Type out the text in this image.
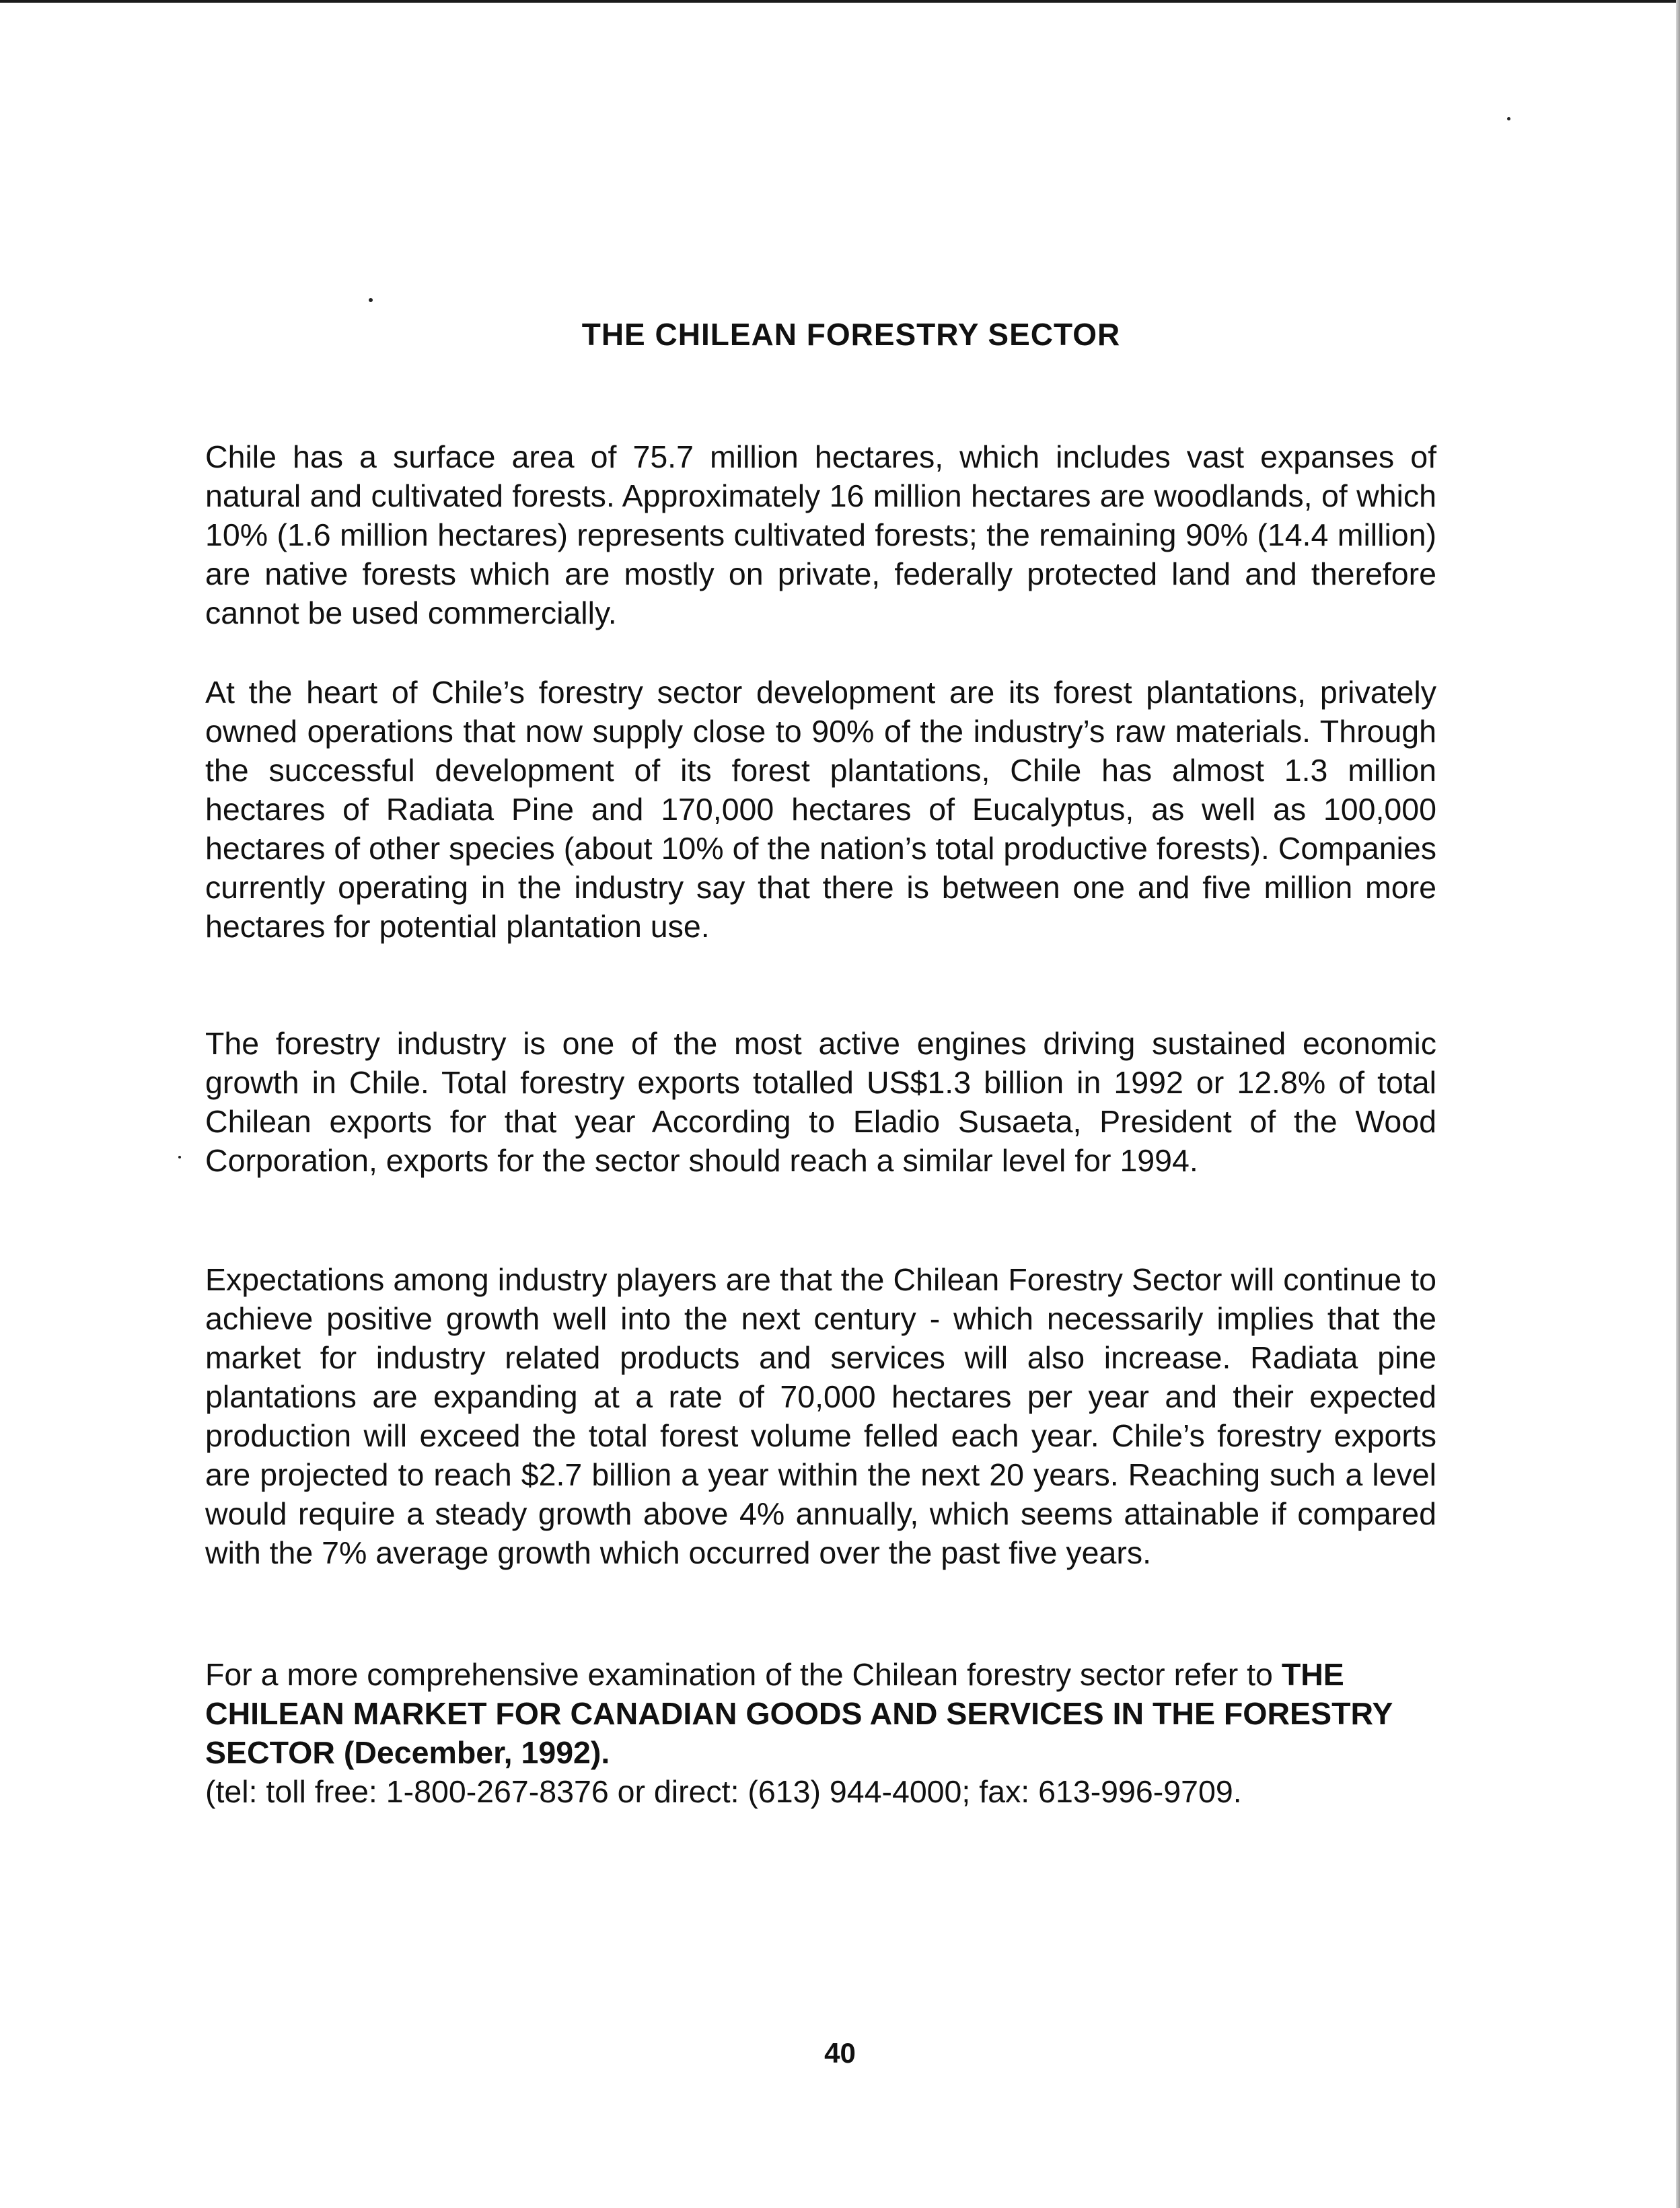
THE CHILEAN FORESTRY SECTOR

Chile has a surface area of 75.7 million hectares, which includes vast expanses of natural and cultivated forests. Approximately 16 million hectares are woodlands, of which 10% (1.6 million hectares) represents cultivated forests; the remaining 90% (14.4 million) are native forests which are mostly on private, federally protected land and therefore cannot be used commercially.

At the heart of Chile’s forestry sector development are its forest plantations, privately owned operations that now supply close to 90% of the industry’s raw materials. Through the successful development of its forest plantations, Chile has almost 1.3 million hectares of Radiata Pine and 170,000 hectares of Eucalyptus, as well as 100,000 hectares of other species (about 10% of the nation’s total productive forests). Companies currently operating in the industry say that there is between one and five million more hectares for potential plantation use.

The forestry industry is one of the most active engines driving sustained economic growth in Chile. Total forestry exports totalled US$1.3 billion in 1992 or 12.8% of total Chilean exports for that year According to Eladio Susaeta, President of the Wood Corporation, exports for the sector should reach a similar level for 1994.

Expectations among industry players are that the Chilean Forestry Sector will continue to achieve positive growth well into the next century - which necessarily implies that the market for industry related products and services will also increase. Radiata pine plantations are expanding at a rate of 70,000 hectares per year and their expected production will exceed the total forest volume felled each year. Chile’s forestry exports are projected to reach $2.7 billion a year within the next 20 years. Reaching such a level would require a steady growth above 4% annually, which seems attainable if compared with the 7% average growth which occurred over the past five years.

For a more comprehensive examination of the Chilean forestry sector refer to THE CHILEAN MARKET FOR CANADIAN GOODS AND SERVICES IN THE FORESTRY SECTOR (December, 1992).
(tel: toll free: 1-800-267-8376 or direct: (613) 944-4000; fax: 613-996-9709.
40
